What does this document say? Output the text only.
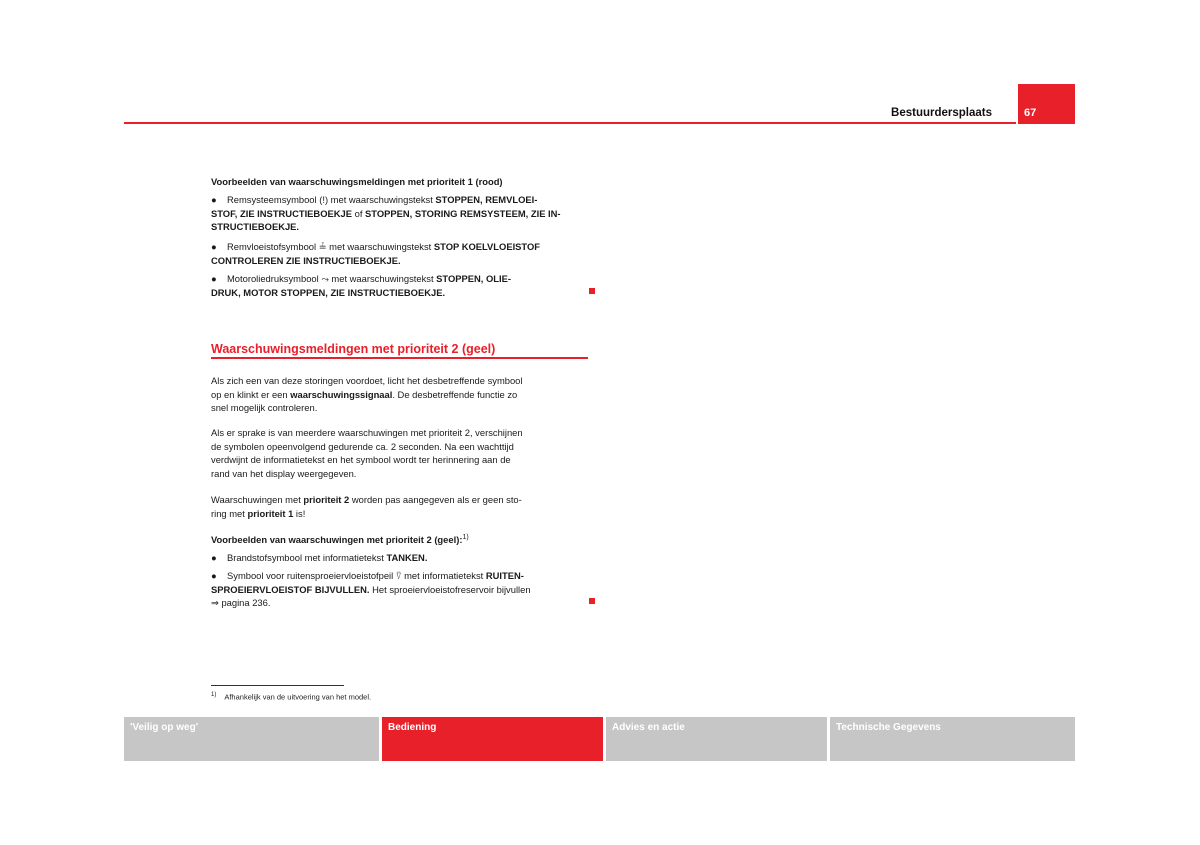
Bestuurdersplaats	67
Voorbeelden van waarschuwingsmeldingen met prioriteit 1 (rood)
● Remsysteemsymbool (!) met waarschuwingstekst STOPPEN, REMVLOEI-
STOF, ZIE INSTRUCTIEBOEKJE of STOPPEN, STORING REMSYSTEEM, ZIE IN-
STRUCTIEBOEKJE.
● Remvloeistofsymbool ≟ met waarschuwingstekst STOP KOELVLOEISTOF
CONTROLEREN ZIE INSTRUCTIEBOEKJE.
● Motoroliedruksymbool ⤳ met waarschuwingstekst STOPPEN, OLIE-
DRUK, MOTOR STOPPEN, ZIE INSTRUCTIEBOEKJE.
Waarschuwingsmeldingen met prioriteit 2 (geel)
Als zich een van deze storingen voordoet, licht het desbetreffende symbool
op en klinkt er een waarschuwingssignaal. De desbetreffende functie zo
snel mogelijk controleren.
Als er sprake is van meerdere waarschuwingen met prioriteit 2, verschijnen
de symbolen opeenvolgend gedurende ca. 2 seconden. Na een wachttijd
verdwijnt de informatietekst en het symbool wordt ter herinnering aan de
rand van het display weergegeven.
Waarschuwingen met prioriteit 2 worden pas aangegeven als er geen sto-
ring met prioriteit 1 is!
Voorbeelden van waarschuwingen met prioriteit 2 (geel):$^{1)}$
● Brandstofsymbool met informatietekst TANKEN.
● Symbool voor ruitensproeiervloeistofpeil ⍢ met informatietekst RUITEN-
SPROEIERVLOEISTOF BIJVULLEN. Het sproeiervloeistofreservoir bijvullen
⇒ pagina 236.
$^{1)}$ Afhankelijk van de uitvoering van het model.
'Veilig op weg'	Bediening	Advies en actie	Technische Gegevens
